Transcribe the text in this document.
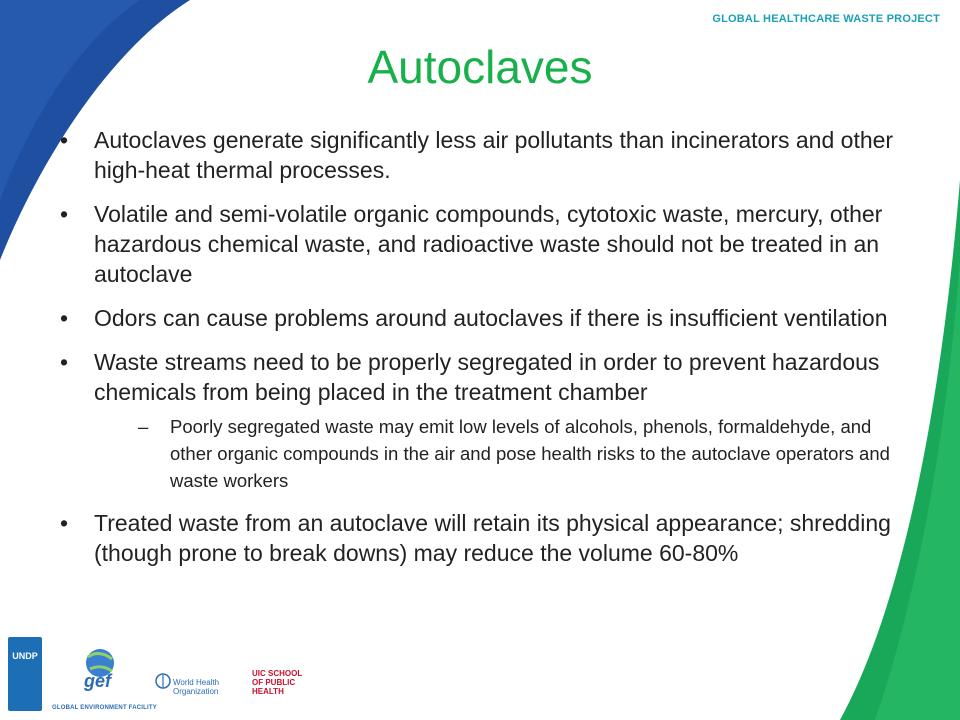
GLOBAL HEALTHCARE WASTE PROJECT
Autoclaves
• Autoclaves generate significantly less air pollutants than incinerators and other high-heat thermal processes.
• Volatile and semi-volatile organic compounds, cytotoxic waste, mercury, other hazardous chemical waste, and radioactive waste should not be treated in an autoclave
• Odors can cause problems around autoclaves if there is insufficient ventilation
• Waste streams need to be properly segregated in order to prevent hazardous chemicals from being placed in the treatment chamber
– Poorly segregated waste may emit low levels of alcohols, phenols, formaldehyde, and other organic compounds in the air and pose health risks to the autoclave operators and waste workers
• Treated waste from an autoclave will retain its physical appearance; shredding (though prone to break downs) may reduce the volume 60-80%
UNDP
gef
GLOBAL ENVIRONMENT FACILITY
World Health Organization
UIC SCHOOL OF PUBLIC HEALTH
